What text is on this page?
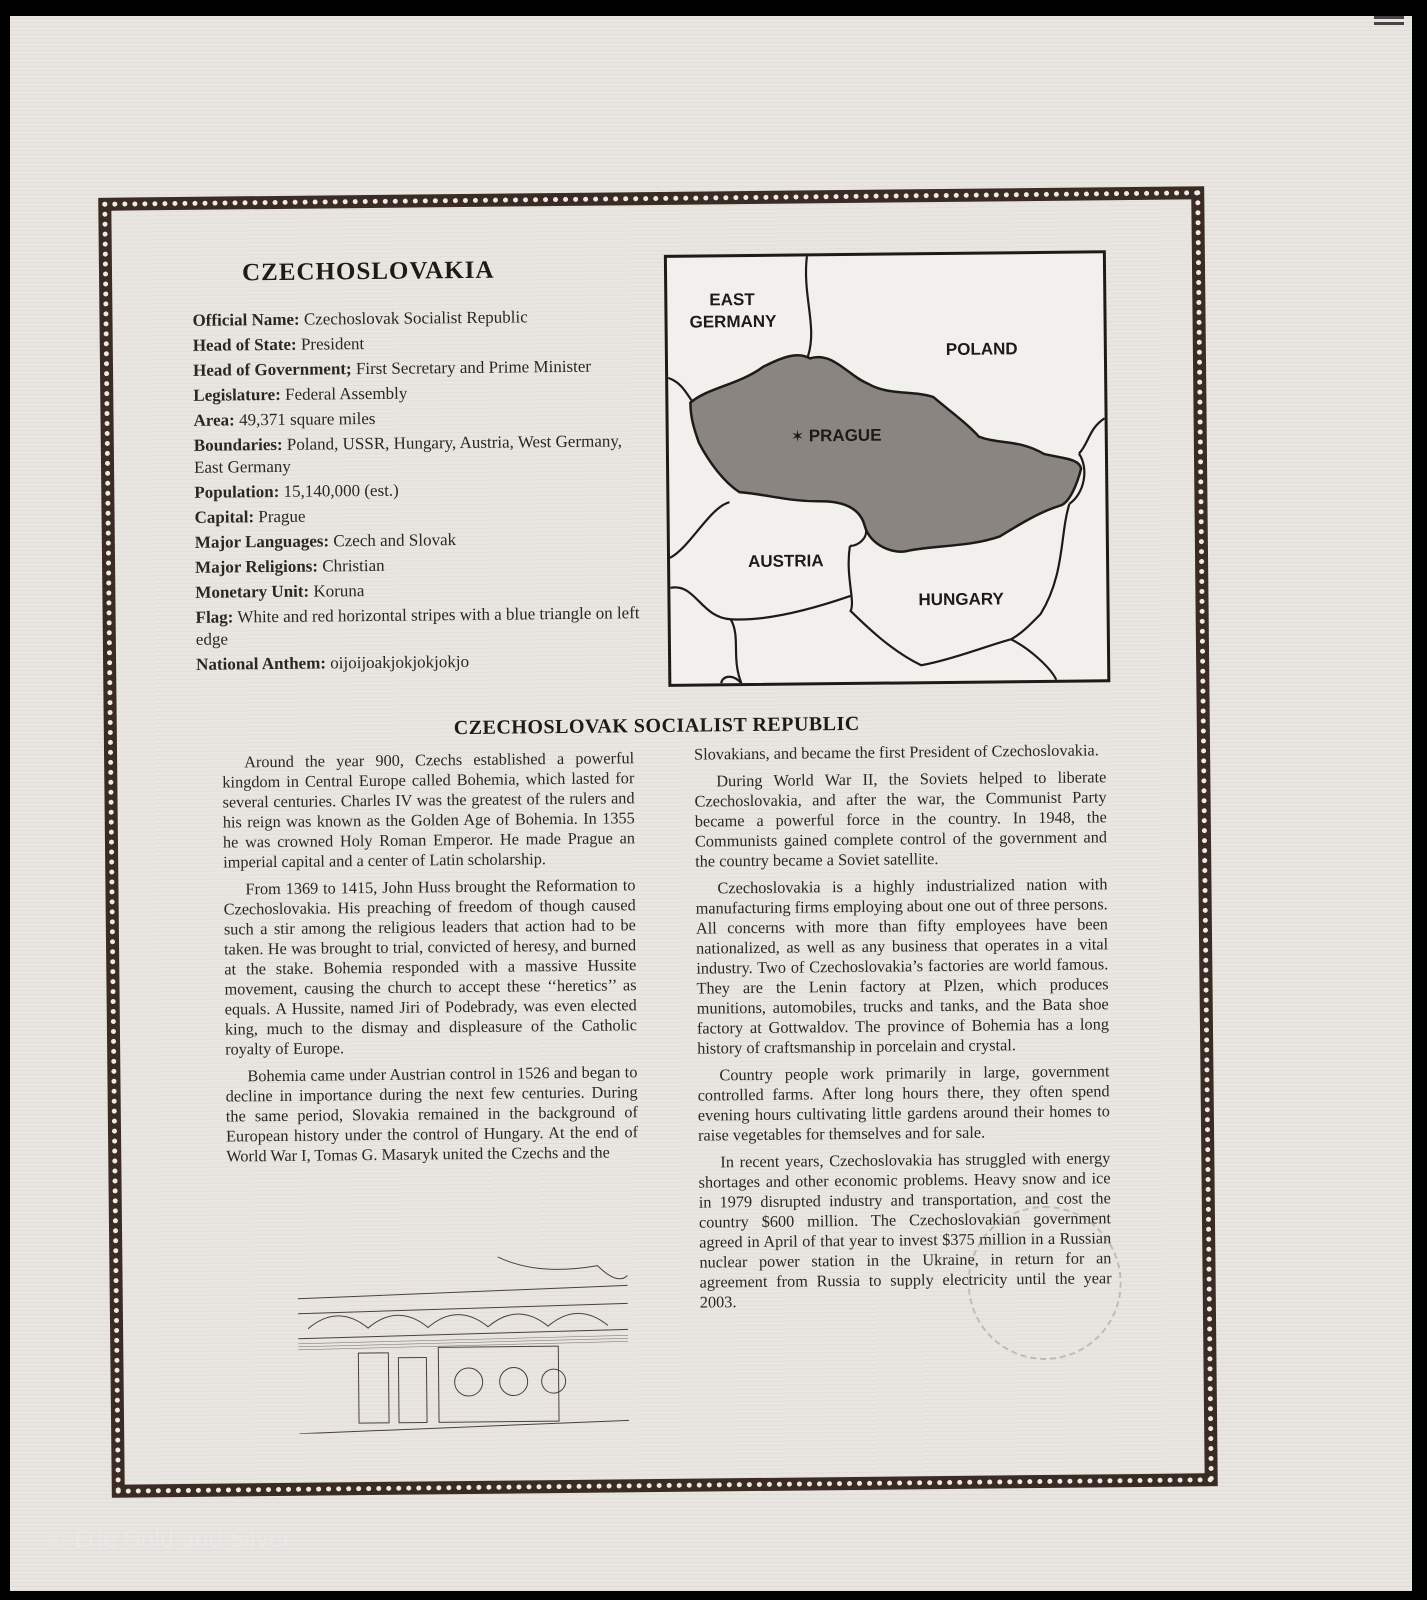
CZECHOSLOVAKIA
Official Name: Czechoslovak Socialist Republic
Head of State: President
Head of Government; First Secretary and Prime Minister
Legislature: Federal Assembly
Area: 49,371 square miles
Boundaries: Poland, USSR, Hungary, Austria, West Germany, East Germany
Population: 15,140,000 (est.)
Capital: Prague
Major Languages: Czech and Slovak
Major Religions: Christian
Monetary Unit: Koruna
Flag: White and red horizontal stripes with a blue triangle on left edge
National Anthem: oijoijoakjokjokjokjo
EAST
GERMANY
POLAND
PRAGUE
AUSTRIA
HUNGARY
✶
CZECHOSLOVAK SOCIALIST REPUBLIC

Around the year 900, Czechs established a powerful kingdom in Central Europe called Bohemia, which lasted for several centuries. Charles IV was the greatest of the rulers and his reign was known as the Golden Age of Bohemia. In 1355 he was crowned Holy Roman Emperor. He made Prague an imperial capital and a center of Latin scholarship.

From 1369 to 1415, John Huss brought the Reformation to Czechoslovakia. His preaching of freedom of though caused such a stir among the religious leaders that action had to be taken. He was brought to trial, convicted of heresy, and burned at the stake. Bohemia responded with a massive Hussite movement, causing the church to accept these ‘‘heretics’’ as equals. A Hussite, named Jiri of Podebrady, was even elected king, much to the dismay and displeasure of the Catholic royalty of Europe.

Bohemia came under Austrian control in 1526 and began to decline in importance during the next few centuries. During the same period, Slovakia remained in the background of European history under the control of Hungary. At the end of World War I, Tomas G. Masaryk united the Czechs and the

Slovakians, and became the first President of Czechoslovakia.

During World War II, the Soviets helped to liberate Czechoslovakia, and after the war, the Communist Party became a powerful force in the country. In 1948, the Communists gained complete control of the government and the country became a Soviet satellite.

Czechoslovakia is a highly industrialized nation with manufacturing firms employing about one out of three persons. All concerns with more than fifty employees have been nationalized, as well as any business that operates in a vital industry. Two of Czechoslovakia’s factories are world famous. They are the Lenin factory at Plzen, which produces munitions, automobiles, trucks and tanks, and the Bata shoe factory at Gottwaldov. The province of Bohemia has a long history of craftsmanship in porcelain and crystal.

Country people work primarily in large, government controlled farms. After long hours there, they often spend evening hours cultivating little gardens around their homes to raise vegetables for themselves and for sale.

In recent years, Czechoslovakia has struggled with energy shortages and other economic problems. Heavy snow and ice in 1979 disrupted industry and transportation, and cost the country $600 million. The Czechoslovakian government agreed in April of that year to invest $375 million in a Russian nuclear power station in the Ukraine, in return for an agreement from Russia to supply electricity until the year 2003.

© Erie Gold and Silver
